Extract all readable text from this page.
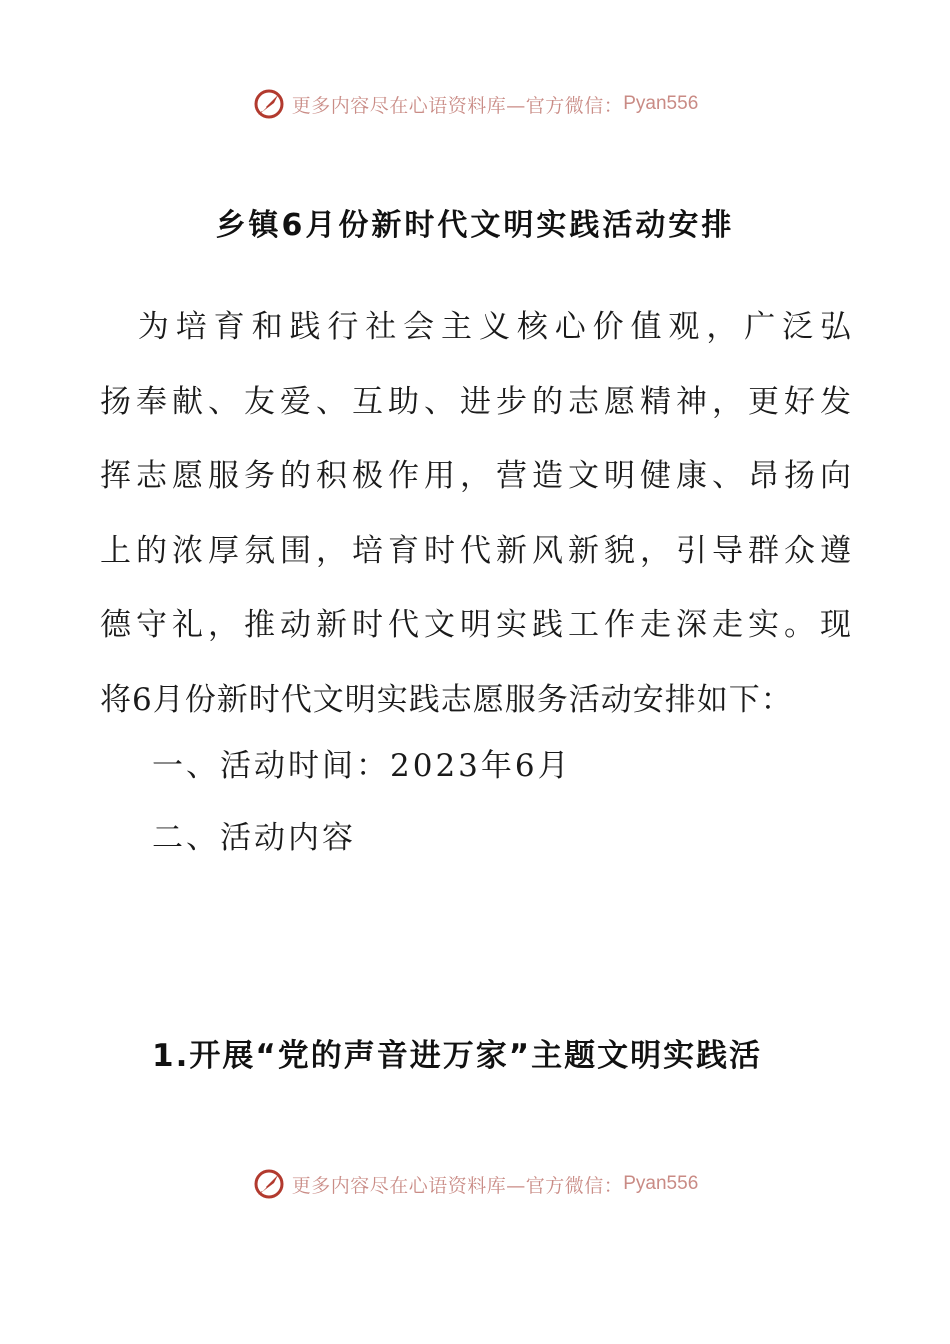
更多内容尽在心语资料库—官方微信： Pyan556
乡镇6月份新时代文明实践活动安排
　为培育和践行社会主义核心价值观，广泛弘
扬奉献、友爱、互助、进步的志愿精神，更好发
挥志愿服务的积极作用，营造文明健康、昂扬向
上的浓厚氛围，培育时代新风新貌，引导群众遵
德守礼，推动新时代文明实践工作走深走实。现
将6月份新时代文明实践志愿服务活动安排如下：
一、活动时间：2023年6月
二、活动内容
1.开展“党的声音进万家”主题文明实践活
更多内容尽在心语资料库—官方微信： Pyan556
